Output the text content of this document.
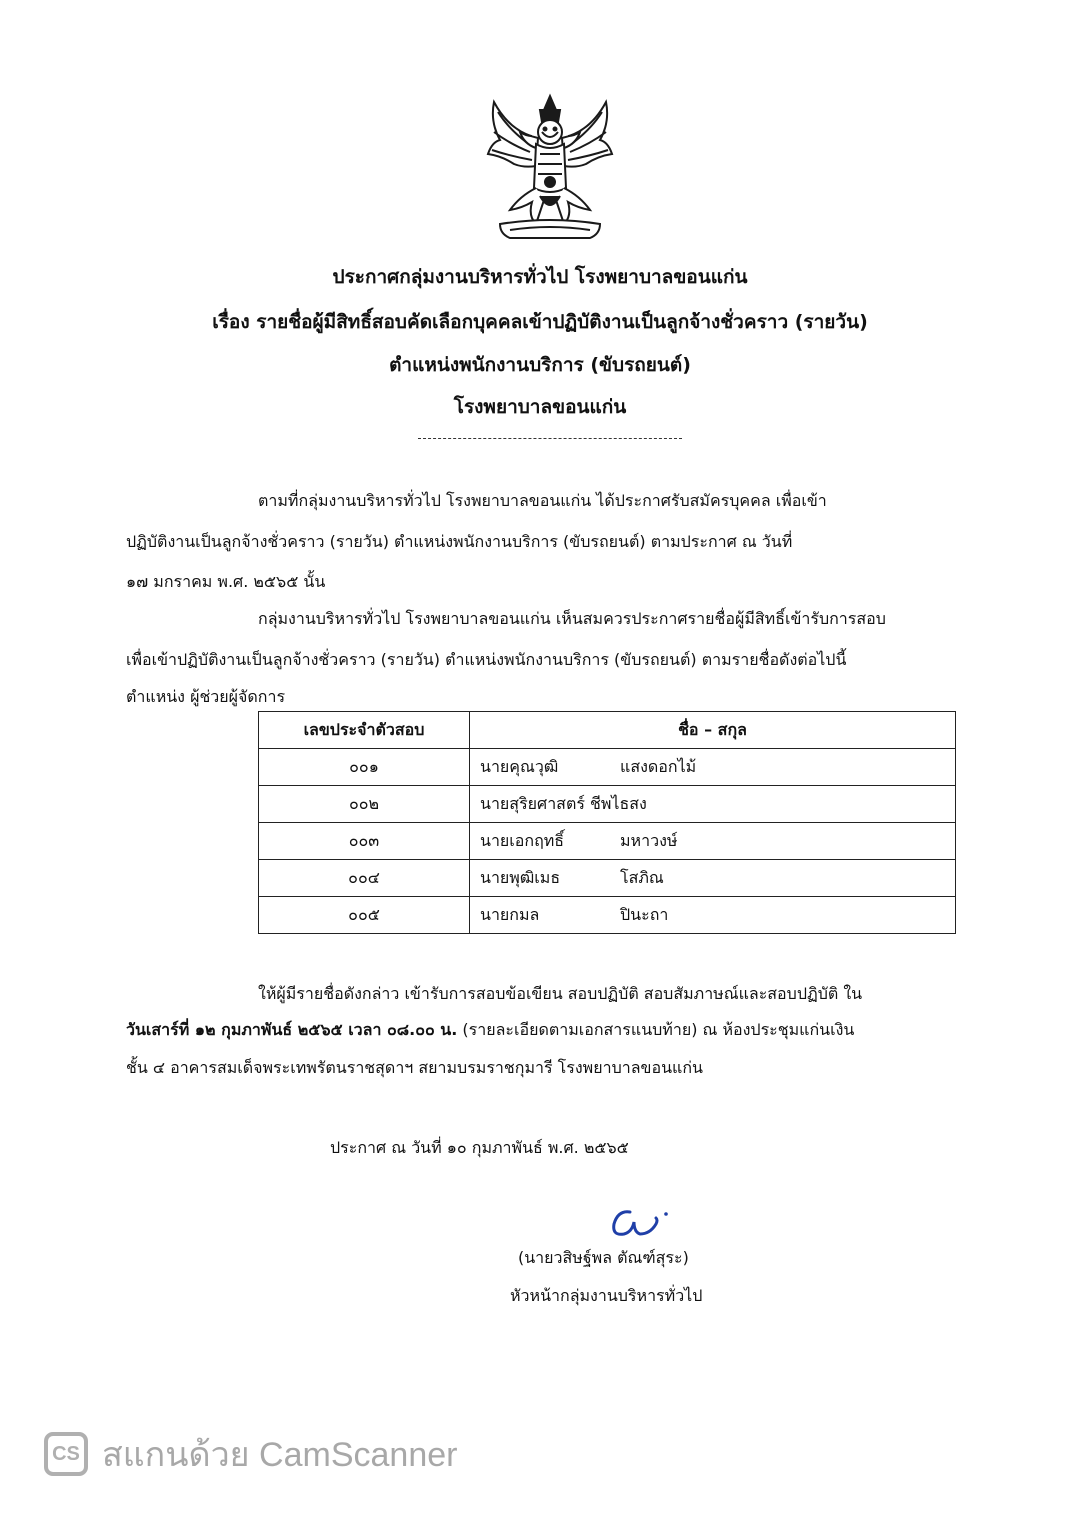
ประกาศกลุ่มงานบริหารทั่วไป โรงพยาบาลขอนแก่น
เรื่อง รายชื่อผู้มีสิทธิ์สอบคัดเลือกบุคคลเข้าปฏิบัติงานเป็นลูกจ้างชั่วคราว (รายวัน)
ตำแหน่งพนักงานบริการ (ขับรถยนต์)
โรงพยาบาลขอนแก่น
ตามที่กลุ่มงานบริหารทั่วไป โรงพยาบาลขอนแก่น ได้ประกาศรับสมัครบุคคล เพื่อเข้า
ปฏิบัติงานเป็นลูกจ้างชั่วคราว (รายวัน) ตำแหน่งพนักงานบริการ (ขับรถยนต์) ตามประกาศ ณ วันที่
๑๗ มกราคม พ.ศ. ๒๕๖๕ นั้น
กลุ่มงานบริหารทั่วไป โรงพยาบาลขอนแก่น เห็นสมควรประกาศรายชื่อผู้มีสิทธิ์เข้ารับการสอบ
เพื่อเข้าปฏิบัติงานเป็นลูกจ้างชั่วคราว (รายวัน) ตำแหน่งพนักงานบริการ (ขับรถยนต์) ตามรายชื่อดังต่อไปนี้
ตำแหน่ง ผู้ช่วยผู้จัดการ
เลขประจำตัวสอบ	ชื่อ – สกุล
๐๐๑	นายคุณวุฒิ แสงดอกไม้
๐๐๒	นายสุริยศาสตร์ ชีพไธสง
๐๐๓	นายเอกฤทธิ์ มหาวงษ์
๐๐๔	นายพุฒิเมธ โสภิณ
๐๐๕	นายกมล ปินะถา
ให้ผู้มีรายชื่อดังกล่าว เข้ารับการสอบข้อเขียน สอบปฏิบัติ สอบสัมภาษณ์และสอบปฏิบัติ ใน
วันเสาร์ที่ ๑๒ กุมภาพันธ์ ๒๕๖๕ เวลา ๐๘.๐๐ น. (รายละเอียดตามเอกสารแนบท้าย) ณ ห้องประชุมแก่นเงิน
ชั้น ๔ อาคารสมเด็จพระเทพรัตนราชสุดาฯ สยามบรมราชกุมารี โรงพยาบาลขอนแก่น
ประกาศ ณ วันที่ ๑๐ กุมภาพันธ์ พ.ศ. ๒๕๖๕
(นายวสิษฐ์พล ตัณฑ์สุระ)
หัวหน้ากลุ่มงานบริหารทั่วไป
CS สแกนด้วย CamScanner
